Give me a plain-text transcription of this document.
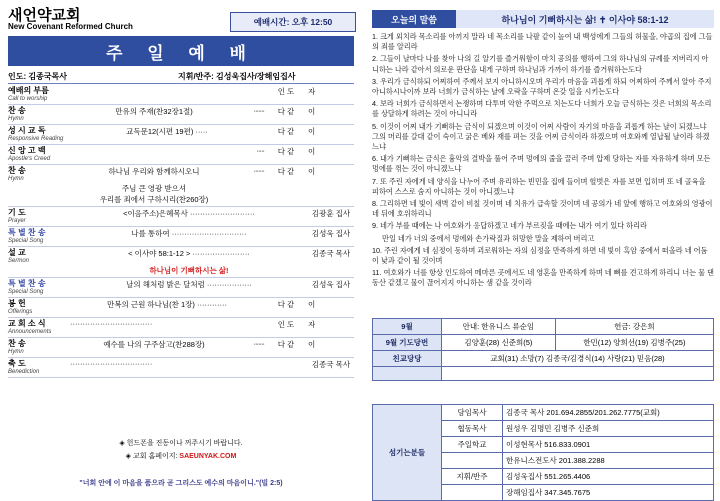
새언약교회
New Covenant Reformed Church	예배시간: 오후 12:50
주 일 예 배
인도: 김종국목사	지휘/반주: 김성욱집사/장해임집사
예배의 부름
Call to worship
인 도	자
찬 송
Hymn
만유의 주재(찬32장1절)	·······	다 같	이
성 시 교 독
Responsive Reading
교독문12(시편 19편) ·····	다 같	이
신 앙 고 백
Apostle's Creed
·····	다 같	이
찬 송
Hymn
하나님 우리와 함께하시오니	·······	다 같	이
주님 큰 영광 받으셔
우리를 죄에서 구하시리(찬260장)
기 도
Prayer
<이음주소)은혜목사 ··························	김광훈 집사
특 별 찬 송
Special Song
나를 통하여 ······························	김성욱 집사
설 교
Sermon
< 이사야 58:1-12 > ·······················	김종국 목사
하나님이 기뻐하시는 삶!
특 별 찬 송
Special Song
날의 해처럼 밝은 달처럼 ··················	김성욱 집사
봉 헌
Offerings
만복의 근원 하나님(찬 1장) ············	다 같	이
교 회 소 식
Announcements
·································	인 도	자
찬 송
Hymn
예수를 나의 구주삼고(찬288장)	·······	다 같	이
축 도
Benediction
·································	김종국 목사
◈ 헌드폰을 진동이나 꺼주시기 바랍니다.
◈ 교회 홈페이지: SAEUNYAK.COM
"너희 안에 이 마음을 품으라 곧 그리스도 예수의 마음이니."(빌 2:5)
오늘의 말씀	하나님이 기뻐하시는 삶! ✝ 이사야 58:1-12

1. 크게 외치라 목소리를 아끼지 말라 네 목소리를 나팔 같이 높여 내 백성에게 그들의 허물을, 야곱의 집에 그들의 죄를 알리라

2. 그들이 날마다 나를 찾아 나의 길 알기를 즐거워함이 마치 공의를 행하여 그의 하나님의 규례를 저버리지 아니하는 나라 같아서 의로운 판단을 내게 구하며 하나님과 가까이 하기를 즐거워하는도다

3. 우리가 금식하되 어찌하여 주께서 보지 아니하시오며 우리가 마음을 괴롭게 하되 어찌하여 주께서 알아 주지 아니하시나이까 보라 너희가 금식하는 날에 오락을 구하며 온갖 일을 시키는도다

4. 보라 너희가 금식하면서 논쟁하며 다투며 악한 주먹으로 치는도다 너희가 오늘 금식하는 것은 너희의 목소리를 상달하게 하려는 것이 아니니라

5. 이것이 어찌 내가 기뻐하는 금식이 되겠으며 이것이 어찌 사람이 자기의 마음을 괴롭게 하는 날이 되겠느냐 그의 머리를 갈대 같이 숙이고 굵은 베와 재를 펴는 것을 어찌 금식이라 하겠으며 여호와께 열납될 날이라 하겠느냐

6. 내가 기뻐하는 금식은 흉악의 결박을 풀어 주며 멍에의 줄을 끌러 주며 압제 당하는 자를 자유하게 하며 모든 멍에를 꺾는 것이 아니겠느냐

7. 또 주린 자에게 네 양식을 나누어 주며 유리하는 빈민을 집에 들이며 헐벗은 자를 보면 입히며 또 네 골육을 피하여 스스로 숨지 아니하는 것이 아니겠느냐

8. 그리하면 네 빛이 새벽 같이 비칠 것이며 네 치유가 급속할 것이며 네 공의가 네 앞에 행하고 여호와의 영광이 네 뒤에 호위하리니

9. 네가 부를 때에는 나 여호와가 응답하겠고 네가 부르짖을 때에는 내가 여기 있다 하리라

만일 네가 너의 중에서 멍에와 손가락질과 허망한 말을 제하여 버리고

10. 주린 자에게 네 심정이 동하며 괴로워하는 자의 심정을 만족하게 하면 네 빛이 흑암 중에서 떠올라 네 어둠이 낮과 같이 될 것이며

11. 여호와가 너를 항상 인도하여 메마른 곳에서도 네 영혼을 만족하게 하며 네 뼈를 견고하게 하리니 너는 물 댄 동산 같겠고 물이 끊어지지 아니하는 샘 같을 것이라

9월	안내: 한유니스 류순임	헌금: 강은희
9월 기도당번	김양훈(28) 신준희(5)	한민(12) 양희선(19) 김병주(25)
친교당당	교회(31) 소망(7) 김종국/김경식(14) 사랑(21) 믿음(28)	

섬기는분들	담임목사	김종국 목사 201.694.2855/201.262.7775(교회)
	협동목사	원성우 김명민 김병주 신준희
	주일학교	이성현목사 516.833.0901
		한유니스전도사 201.388.2288
	지휘/반주	김성욱집사 551.265.4406
		장해임집사 347.345.7675
